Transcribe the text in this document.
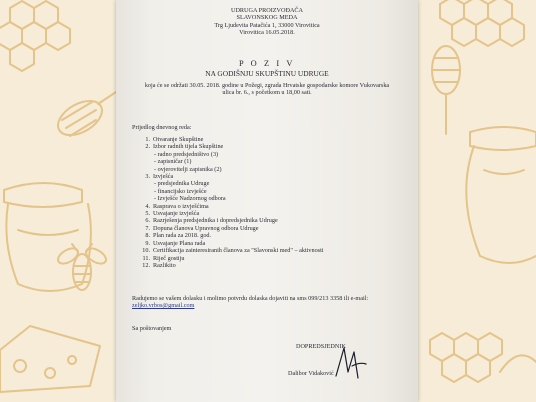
UDRUGA PROIZVOĐAČA
SLAVONSKOG MEDA
Trg Ljudevita Patačića 1, 33000 Virovitica
Virovitica 16.05.2018.
P O Z I V
NA GODIŠNJU SKUPŠTINU UDRUGE
koja će se održati 30.05. 2018. godine u Požegi, zgrada Hrvatske gospodarske komore Vukovarska
ulica br. 6., s početkom u 18,00 sati.
Prijedlog dnevnog reda:
1. Otvaranje Skupštine
2. Izbor radnih tijela Skupštine
- radno predsjedništvo (3)
- zapisničar (1)
- ovjerovitelji zapisnika (2)
3. Izvješća
- predsjednika Udruge
- financijsko izvješće
- Izvješće Nadzornog odbora
4. Rasprava o izvješćima
5. Usvajanje izvješća
6. Razrješenja predsjednika i dopredsjednika Udruge
7. Dopuna članova Upravnog odbora Udruge
8. Plan rada za 2018. god.
9. Usvajanje Plana rada
10. Certifikacija zainteresiranih članova za "Slavonski med" – aktivnosti
11. Riječ gostiju
12. Razlikito
Radujemo se vašem dolasku i molimo potvrdu dolaska dojaviti na sms 099/213 3358 ili e-mail:
zeljko.vrbos@gmail.com
Sa poštovanjem
DOPREDSJEDNIK
Dalibor Vidaković
